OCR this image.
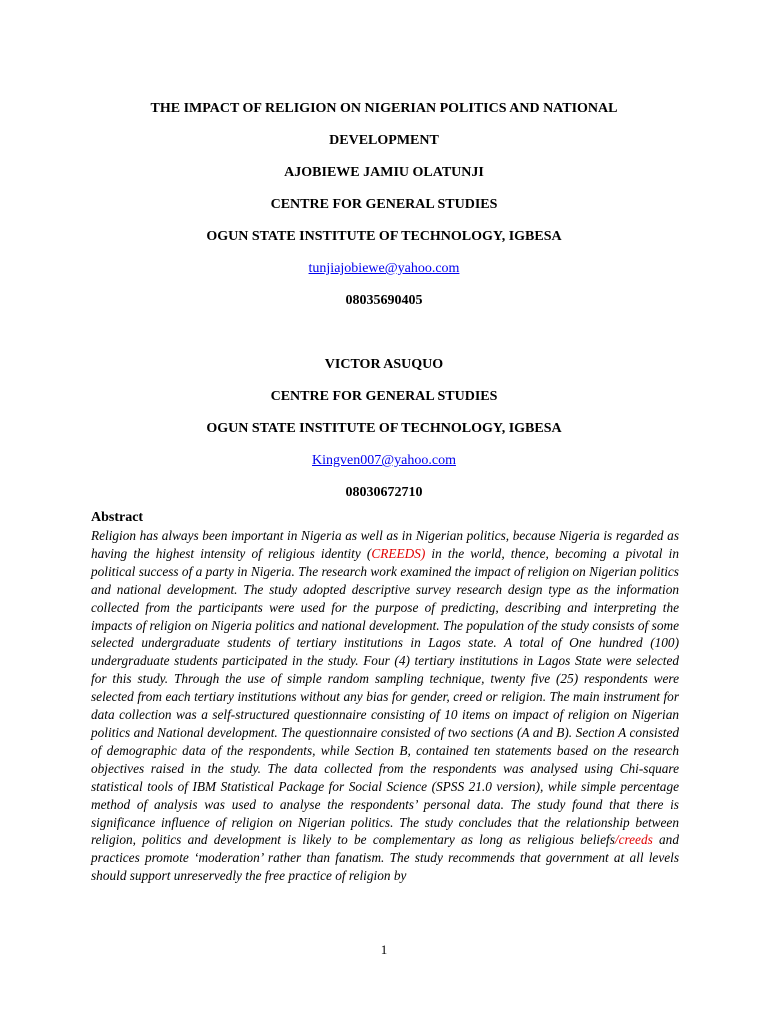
THE IMPACT OF RELIGION ON NIGERIAN POLITICS AND NATIONAL
DEVELOPMENT
AJOBIEWE JAMIU OLATUNJI
CENTRE FOR GENERAL STUDIES
OGUN STATE INSTITUTE OF TECHNOLOGY, IGBESA
tunjiajobiewe@yahoo.com
08035690405
VICTOR ASUQUO
CENTRE FOR GENERAL STUDIES
OGUN STATE INSTITUTE OF TECHNOLOGY, IGBESA
Kingven007@yahoo.com
08030672710
Abstract

Religion has always been important in Nigeria as well as in Nigerian politics, because Nigeria is regarded as having the highest intensity of religious identity (CREEDS) in the world, thence, becoming a pivotal in political success of a party in Nigeria. The research work examined the impact of religion on Nigerian politics and national development. The study adopted descriptive survey research design type as the information collected from the participants were used for the purpose of predicting, describing and interpreting the impacts of religion on Nigeria politics and national development. The population of the study consists of some selected undergraduate students of tertiary institutions in Lagos state. A total of One hundred (100) undergraduate students participated in the study. Four (4) tertiary institutions in Lagos State were selected for this study. Through the use of simple random sampling technique, twenty five (25) respondents were selected from each tertiary institutions without any bias for gender, creed or religion. The main instrument for data collection was a self-structured questionnaire consisting of 10 items on impact of religion on Nigerian politics and National development. The questionnaire consisted of two sections (A and B). Section A consisted of demographic data of the respondents, while Section B, contained ten statements based on the research objectives raised in the study. The data collected from the respondents was analysed using Chi-square statistical tools of IBM Statistical Package for Social Science (SPSS 21.0 version), while simple percentage method of analysis was used to analyse the respondents’ personal data. The study found that there is significance influence of religion on Nigerian politics. The study concludes that the relationship between religion, politics and development is likely to be complementary as long as religious beliefs/creeds and practices promote ‘moderation’ rather than fanatism. The study recommends that government at all levels should support unreservedly the free practice of religion by

1
